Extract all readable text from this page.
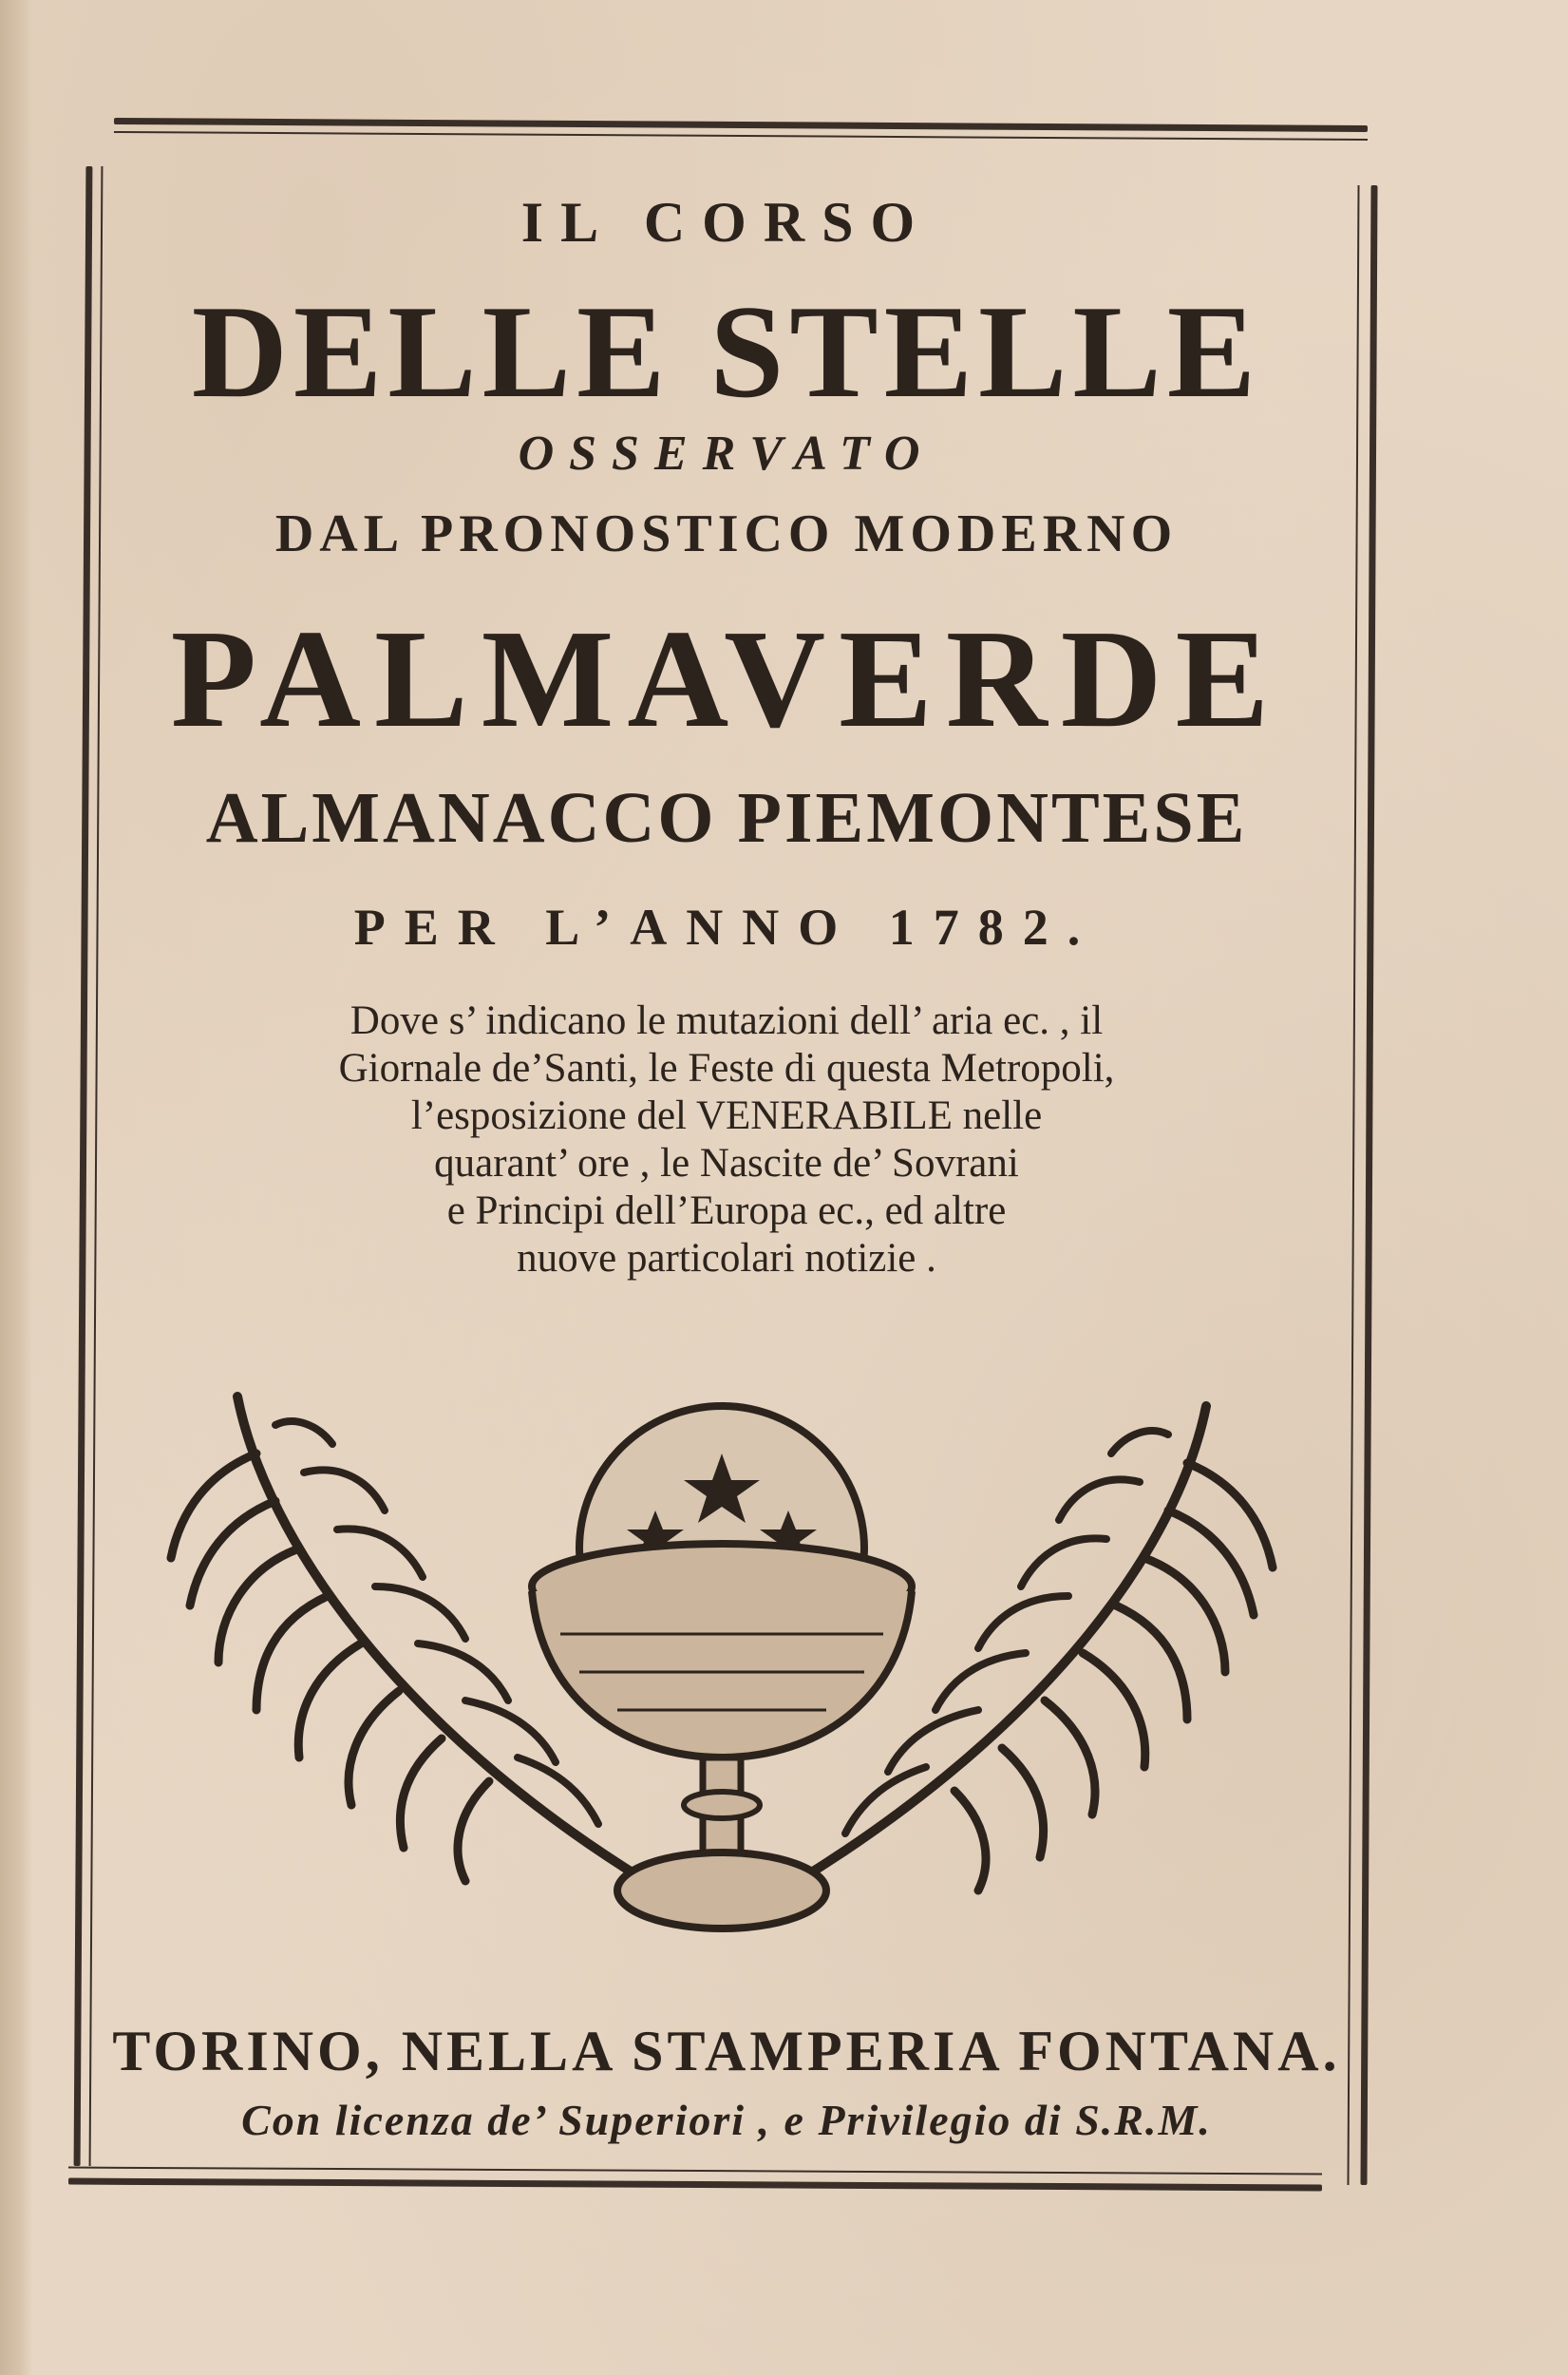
IL CORSO
DELLE STELLE
OSSERVATO
DAL PRONOSTICO MODERNO
PALMAVERDE
ALMANACCO PIEMONTESE
PER L’ANNO 1782.
Dove s’ indicano le mutazioni dell’ aria ec. , il
Giornale de’Santi, le Feste di questa Metropoli,
l’esposizione del VENERABILE nelle
quarant’ ore , le Nascite de’ Sovrani
e Principi dell’Europa ec., ed altre
nuove particolari notizie .
TORINO, NELLA STAMPERIA FONTANA.
Con licenza de’ Superiori , e Privilegio di S.R.M.
